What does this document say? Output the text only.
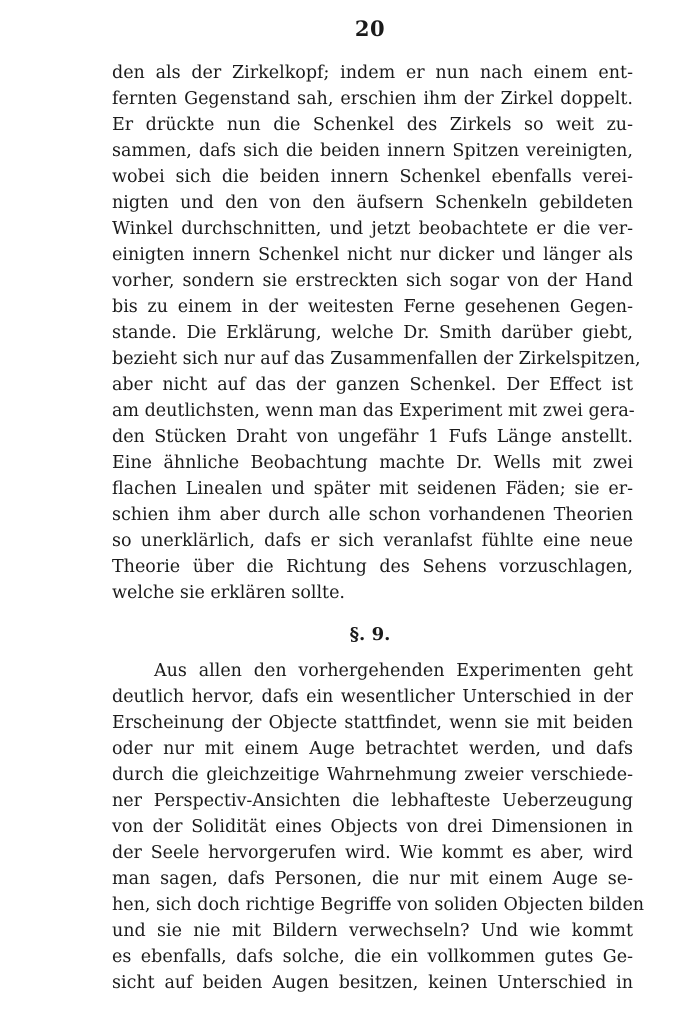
20
den als der Zirkelkopf; indem er nun nach einem ent-
fernten Gegenstand sah, erschien ihm der Zirkel doppelt.
Er drückte nun die Schenkel des Zirkels so weit zu-
sammen, dafs sich die beiden innern Spitzen vereinigten,
wobei sich die beiden innern Schenkel ebenfalls verei-
nigten und den von den äufsern Schenkeln gebildeten
Winkel durchschnitten, und jetzt beobachtete er die ver-
einigten innern Schenkel nicht nur dicker und länger als
vorher, sondern sie erstreckten sich sogar von der Hand
bis zu einem in der weitesten Ferne gesehenen Gegen-
stande. Die Erklärung, welche Dr. Smith darüber giebt,
bezieht sich nur auf das Zusammenfallen der Zirkelspitzen,
aber nicht auf das der ganzen Schenkel. Der Effect ist
am deutlichsten, wenn man das Experiment mit zwei gera-
den Stücken Draht von ungefähr 1 Fufs Länge anstellt.
Eine ähnliche Beobachtung machte Dr. Wells mit zwei
flachen Linealen und später mit seidenen Fäden; sie er-
schien ihm aber durch alle schon vorhandenen Theorien
so unerklärlich, dafs er sich veranlafst fühlte eine neue
Theorie über die Richtung des Sehens vorzuschlagen,
welche sie erklären sollte.
§. 9.
Aus allen den vorhergehenden Experimenten geht
deutlich hervor, dafs ein wesentlicher Unterschied in der
Erscheinung der Objecte stattfindet, wenn sie mit beiden
oder nur mit einem Auge betrachtet werden, und dafs
durch die gleichzeitige Wahrnehmung zweier verschiede-
ner Perspectiv-Ansichten die lebhafteste Ueberzeugung
von der Solidität eines Objects von drei Dimensionen in
der Seele hervorgerufen wird. Wie kommt es aber, wird
man sagen, dafs Personen, die nur mit einem Auge se-
hen, sich doch richtige Begriffe von soliden Objecten bilden
und sie nie mit Bildern verwechseln? Und wie kommt
es ebenfalls, dafs solche, die ein vollkommen gutes Ge-
sicht auf beiden Augen besitzen, keinen Unterschied in
